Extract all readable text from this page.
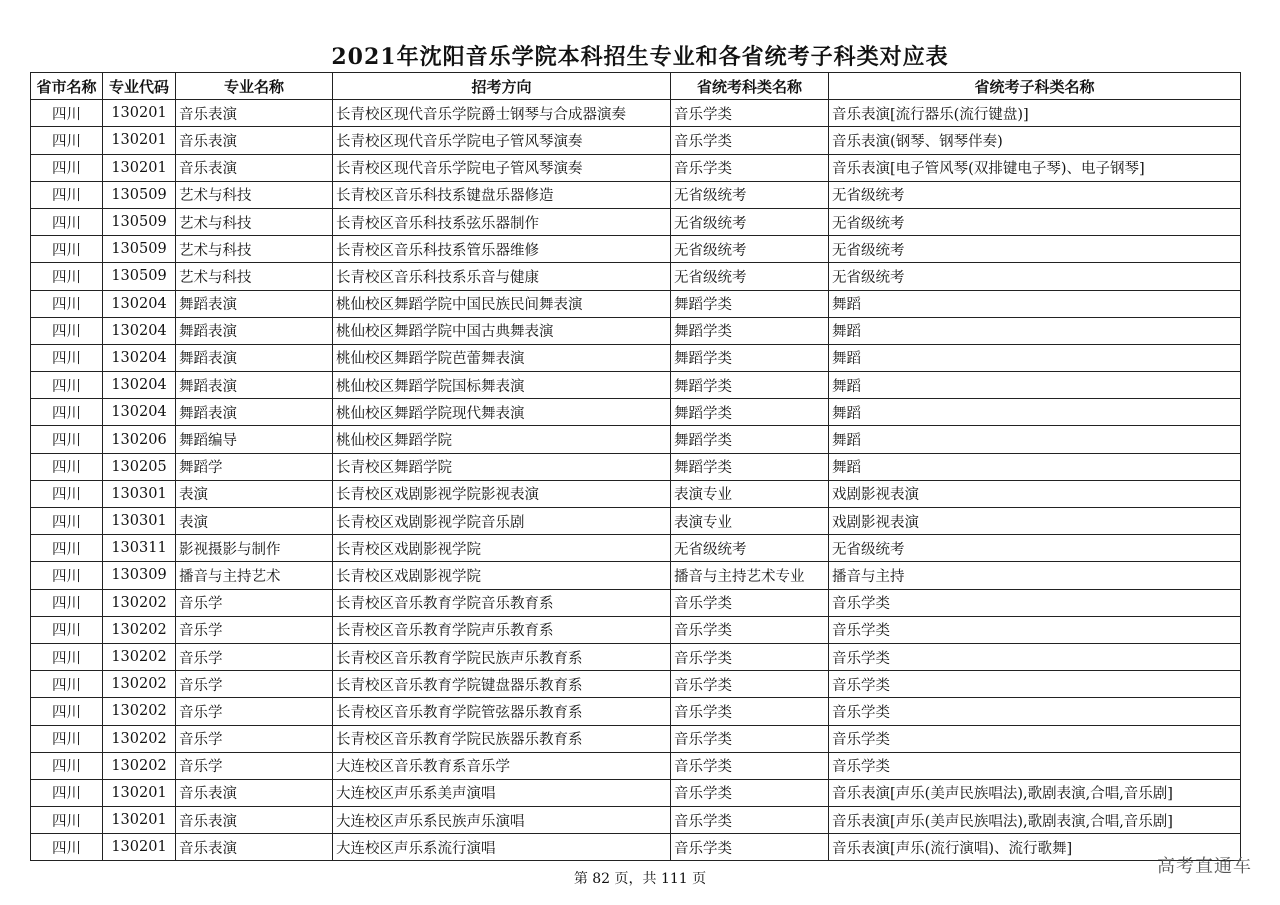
2021年沈阳音乐学院本科招生专业和各省统考子科类对应表
省市名称	专业代码	专业名称	招考方向	省统考科类名称	省统考子科类名称
四川	130201	音乐表演	长青校区现代音乐学院爵士钢琴与合成器演奏	音乐学类	音乐表演[流行器乐(流行键盘)]
四川	130201	音乐表演	长青校区现代音乐学院电子管风琴演奏	音乐学类	音乐表演(钢琴、钢琴伴奏)
四川	130201	音乐表演	长青校区现代音乐学院电子管风琴演奏	音乐学类	音乐表演[电子管风琴(双排键电子琴)、电子钢琴]
四川	130509	艺术与科技	长青校区音乐科技系键盘乐器修造	无省级统考	无省级统考
四川	130509	艺术与科技	长青校区音乐科技系弦乐器制作	无省级统考	无省级统考
四川	130509	艺术与科技	长青校区音乐科技系管乐器维修	无省级统考	无省级统考
四川	130509	艺术与科技	长青校区音乐科技系乐音与健康	无省级统考	无省级统考
四川	130204	舞蹈表演	桃仙校区舞蹈学院中国民族民间舞表演	舞蹈学类	舞蹈
四川	130204	舞蹈表演	桃仙校区舞蹈学院中国古典舞表演	舞蹈学类	舞蹈
四川	130204	舞蹈表演	桃仙校区舞蹈学院芭蕾舞表演	舞蹈学类	舞蹈
四川	130204	舞蹈表演	桃仙校区舞蹈学院国标舞表演	舞蹈学类	舞蹈
四川	130204	舞蹈表演	桃仙校区舞蹈学院现代舞表演	舞蹈学类	舞蹈
四川	130206	舞蹈编导	桃仙校区舞蹈学院	舞蹈学类	舞蹈
四川	130205	舞蹈学	长青校区舞蹈学院	舞蹈学类	舞蹈
四川	130301	表演	长青校区戏剧影视学院影视表演	表演专业	戏剧影视表演
四川	130301	表演	长青校区戏剧影视学院音乐剧	表演专业	戏剧影视表演
四川	130311	影视摄影与制作	长青校区戏剧影视学院	无省级统考	无省级统考
四川	130309	播音与主持艺术	长青校区戏剧影视学院	播音与主持艺术专业	播音与主持
四川	130202	音乐学	长青校区音乐教育学院音乐教育系	音乐学类	音乐学类
四川	130202	音乐学	长青校区音乐教育学院声乐教育系	音乐学类	音乐学类
四川	130202	音乐学	长青校区音乐教育学院民族声乐教育系	音乐学类	音乐学类
四川	130202	音乐学	长青校区音乐教育学院键盘器乐教育系	音乐学类	音乐学类
四川	130202	音乐学	长青校区音乐教育学院管弦器乐教育系	音乐学类	音乐学类
四川	130202	音乐学	长青校区音乐教育学院民族器乐教育系	音乐学类	音乐学类
四川	130202	音乐学	大连校区音乐教育系音乐学	音乐学类	音乐学类
四川	130201	音乐表演	大连校区声乐系美声演唱	音乐学类	音乐表演[声乐(美声民族唱法),歌剧表演,合唱,音乐剧]
四川	130201	音乐表演	大连校区声乐系民族声乐演唱	音乐学类	音乐表演[声乐(美声民族唱法),歌剧表演,合唱,音乐剧]
四川	130201	音乐表演	大连校区声乐系流行演唱	音乐学类	音乐表演[声乐(流行演唱)、流行歌舞]
第 82 页，共 111 页
高考直通车
